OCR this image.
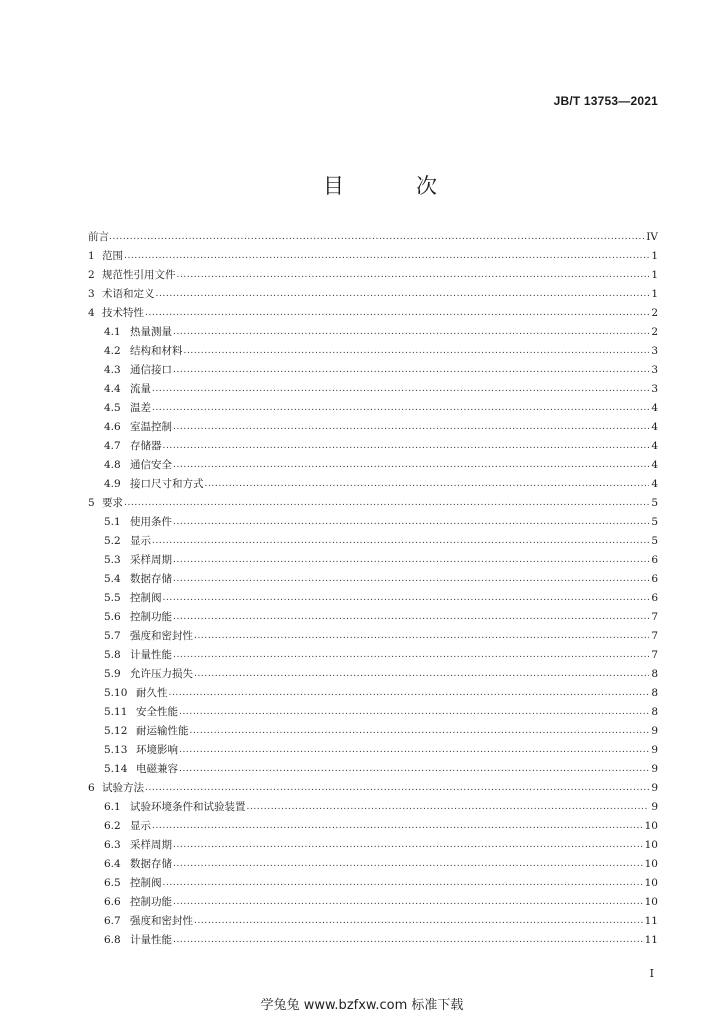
JB/T 13753—2021
目 次
前言 .....	IV
1 范围 .....	1
2 规范性引用文件 .....	1
3 术语和定义 .....	1
4 技术特性 .....	2
4.1 热量测量 .....	2
4.2 结构和材料 .....	3
4.3 通信接口 .....	3
4.4 流量 .....	3
4.5 温差 .....	4
4.6 室温控制 .....	4
4.7 存储器 .....	4
4.8 通信安全 .....	4
4.9 接口尺寸和方式 .....	4
5 要求 .....	5
5.1 使用条件 .....	5
5.2 显示 .....	5
5.3 采样周期 .....	6
5.4 数据存储 .....	6
5.5 控制阀 .....	6
5.6 控制功能 .....	7
5.7 强度和密封性 .....	7
5.8 计量性能 .....	7
5.9 允许压力损失 .....	8
5.10 耐久性 .....	8
5.11 安全性能 .....	8
5.12 耐运输性能 .....	9
5.13 环境影响 .....	9
5.14 电磁兼容 .....	9
6 试验方法 .....	9
6.1 试验环境条件和试验装置 .....	9
6.2 显示 .....	10
6.3 采样周期 .....	10
6.4 数据存储 .....	10
6.5 控制阀 .....	10
6.6 控制功能 .....	10
6.7 强度和密封性 .....	11
6.8 计量性能 .....	11
I
学兔兔 www.bzfxw.com 标准下载
